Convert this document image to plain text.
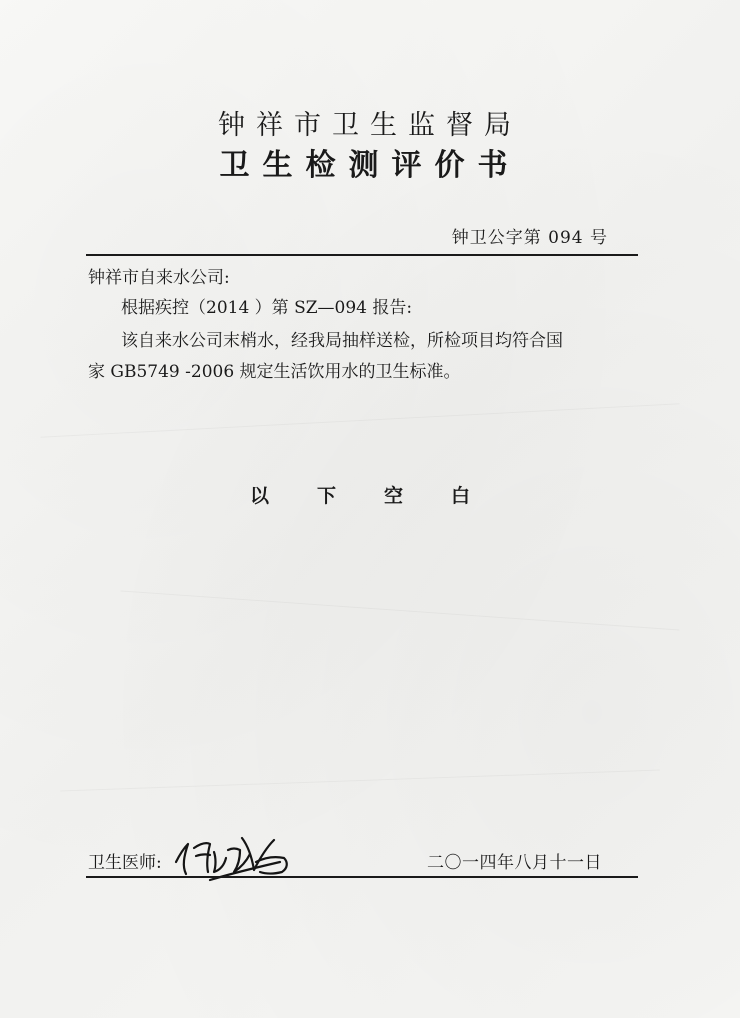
钟祥市卫生监督局
卫生检测评价书
钟卫公字第 094 号
钟祥市自来水公司:
根据疾控（2014 ）第 SZ—094 报告:
该自来水公司末梢水，经我局抽样送检，所检项目均符合国
家 GB5749 -2006 规定生活饮用水的卫生标准。
以	下	空	白
卫生医师:	二〇一四年八月十一日
